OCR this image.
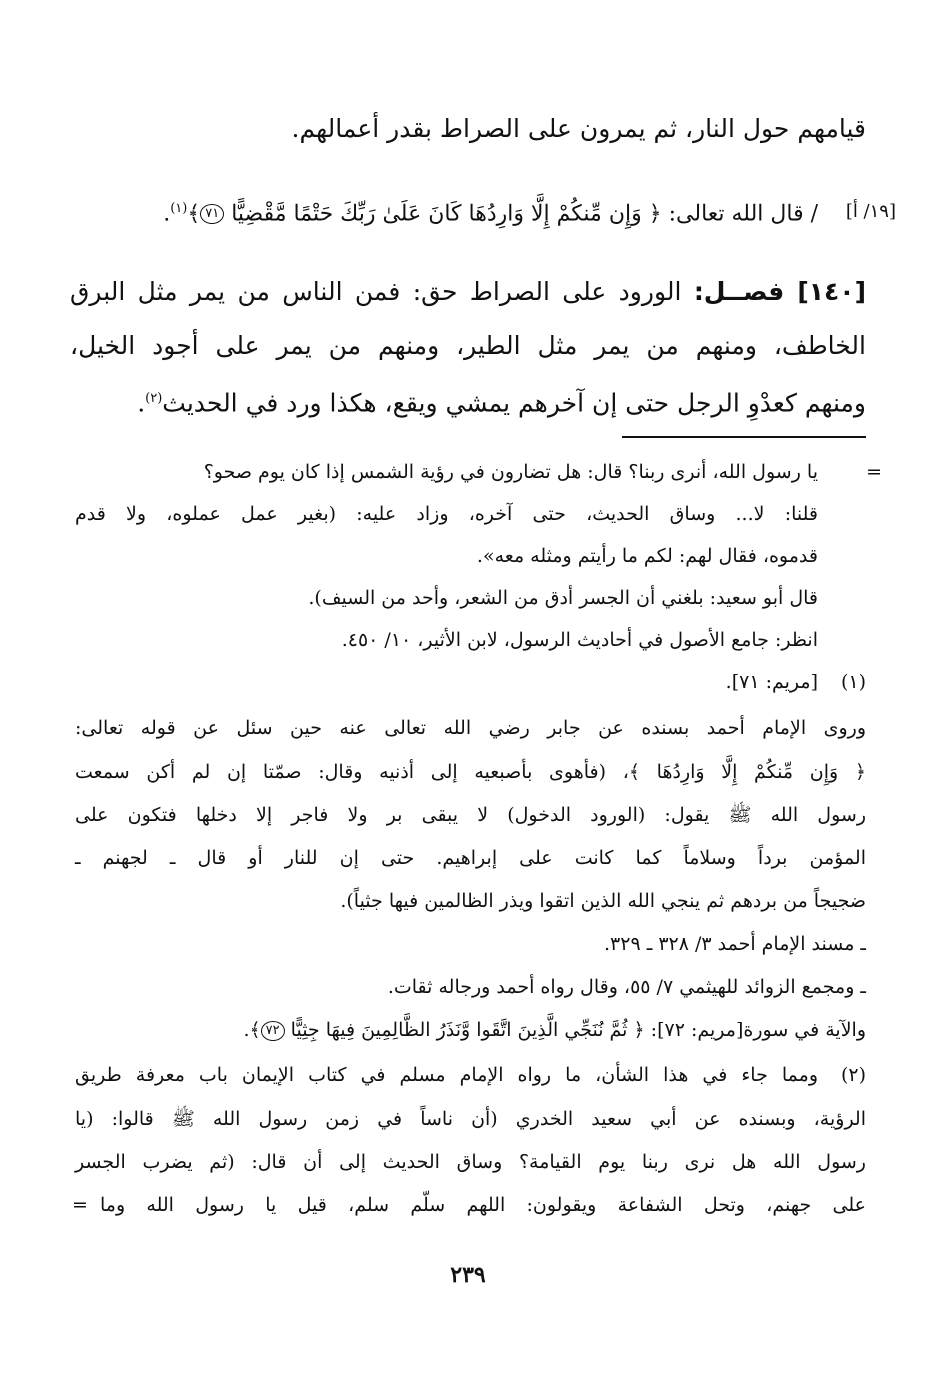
قيامهم حول النار، ثم يمرون على الصراط بقدر أعمالهم.
[١٩/ أ]
/ قال الله تعالى: ﴿ وَإِن مِّنكُمْ إِلَّا وَارِدُهَا كَانَ عَلَىٰ رَبِّكَ حَتْمًا مَّقْضِيًّا ٧١﴾$^{(١)}$.
[١٤٠] فصــل: الورود على الصراط حق: فمن الناس من يمر مثل البرق
الخاطف، ومنهم من يمر مثل الطير، ومنهم من يمر على أجود الخيل،
ومنهم كعدْوِ الرجل حتى إن آخرهم يمشي ويقع، هكذا ورد في الحديث$^{(٢)}$.
=
يا رسول الله، أنرى ربنا؟ قال: هل تضارون في رؤية الشمس إذا كان يوم صحو؟
قلنا: لا... وساق الحديث، حتى آخره، وزاد عليه: (بغير عمل عملوه، ولا قدم
قدموه، فقال لهم: لكم ما رأيتم ومثله معه».
قال أبو سعيد: بلغني أن الجسر أدق من الشعر، وأحد من السيف).
انظر: جامع الأصول في أحاديث الرسول، لابن الأثير، ١٠/ ٤٥٠.
(١)
[مريم: ٧١].
وروى الإمام أحمد بسنده عن جابر رضي الله تعالى عنه حين سئل عن قوله تعالى:
﴿ وَإِن مِّنكُمْ إِلَّا وَارِدُهَا ﴾، (فأهوى بأصبعيه إلى أذنيه وقال: صمّتا إن لم أكن سمعت
رسول الله ﷺ يقول: (الورود الدخول) لا يبقى بر ولا فاجر إلا دخلها فتكون على
المؤمن برداً وسلاماً كما كانت على إبراهيم. حتى إن للنار أو قال ـ لجهنم ـ
ضجيجاً من بردهم ثم ينجي الله الذين اتقوا ويذر الظالمين فيها جثياً).
ـ مسند الإمام أحمد ٣/ ٣٢٨ ـ ٣٢٩.
ـ ومجمع الزوائد للهيثمي ٧/ ٥٥، وقال رواه أحمد ورجاله ثقات.
والآية في سورة[مريم: ٧٢]: ﴿ ثُمَّ نُنَجِّي الَّذِينَ اتَّقَوا وَّنَذَرُ الظَّالِمِينَ فِيهَا جِثِيًّا ٧٢﴾.
(٢)
ومما جاء في هذا الشأن، ما رواه الإمام مسلم في كتاب الإيمان باب معرفة طريق
الرؤية، وبسنده عن أبي سعيد الخدري (أن ناساً في زمن رسول الله ﷺ قالوا: (يا
رسول الله هل نرى ربنا يوم القيامة؟ وساق الحديث إلى أن قال: (ثم يضرب الجسر
على جهنم، وتحل الشفاعة ويقولون: اللهم سلّم سلم، قيل يا رسول الله وما
=
٢٣٩
